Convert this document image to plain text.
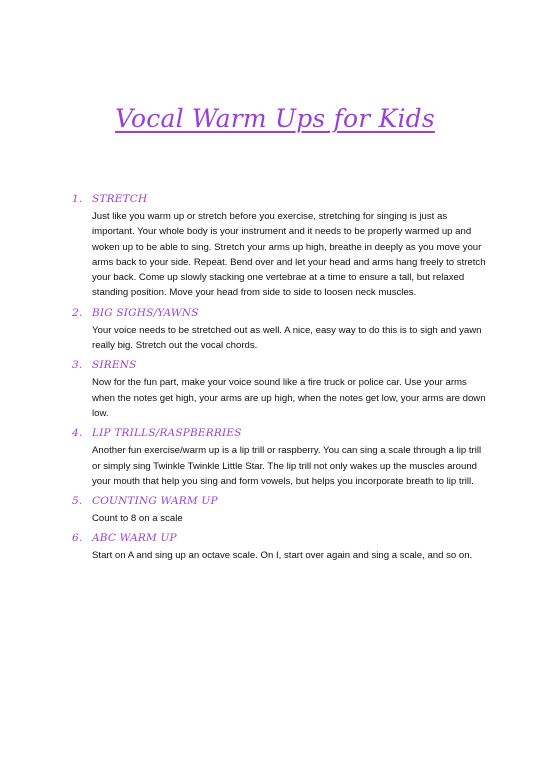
Vocal Warm Ups for Kids
1. STRETCH
Just like you warm up or stretch before you exercise, stretching for singing is just as important. Your whole body is your instrument and it needs to be properly warmed up and woken up to be able to sing. Stretch your arms up high, breathe in deeply as you move your arms back to your side. Repeat. Bend over and let your head and arms hang freely to stretch your back. Come up slowly stacking one vertebrae at a time to ensure a tall, but relaxed standing position. Move your head from side to side to loosen neck muscles.
2. BIG SIGHS/YAWNS
Your voice needs to be stretched out as well. A nice, easy way to do this is to sigh and yawn really big. Stretch out the vocal chords.
3. SIRENS
Now for the fun part, make your voice sound like a fire truck or police car. Use your arms when the notes get high, your arms are up high, when the notes get low, your arms are down low.
4. LIP TRILLS/RASPBERRIES
Another fun exercise/warm up is a lip trill or raspberry. You can sing a scale through a lip trill or simply sing Twinkle Twinkle Little Star. The lip trill not only wakes up the muscles around your mouth that help you sing and form vowels, but helps you incorporate breath to lip trill.
5. COUNTING WARM UP
Count to 8 on a scale
6. ABC WARM UP
Start on A and sing up an octave scale. On I, start over again and sing a scale, and so on.
